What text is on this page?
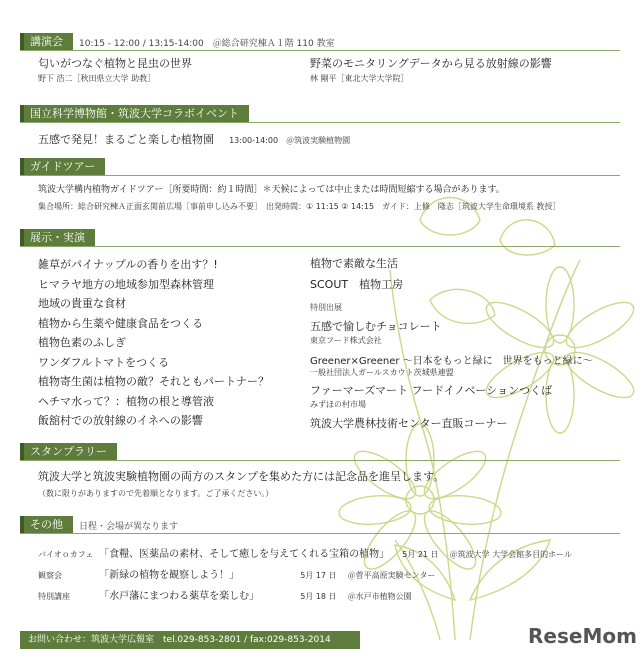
講演会	10:15 - 12:00 / 13:15-14:00　＠総合研究棟Ａ１階 110 教室
匂いがつなぐ植物と昆虫の世界
野下 浩二［秋田県立大学 助教］
野菜のモニタリングデータから見る放射線の影響
林 剛平［東北大学大学院］
国立科学博物館・筑波大学コラボイベント
五感で発見！まるごと楽しむ植物園 13:00-14:00　＠筑波実験植物園
ガイドツアー
筑波大学構内植物ガイドツアー［所要時間：約１時間］＊天候によっては中止または時間短縮する場合があります。
集合場所：総合研究棟Ａ正面玄関前広場［事前申し込み不要］　出発時間：① 11:15 ② 14:15　ガイド：上條　隆志［筑波大学生命環境系 教授］
展示・実演
雑草がパイナップルの香りを出す？!
ヒマラヤ地方の地域参加型森林管理
地域の貴重な食材
植物から生薬や健康食品をつくる
植物色素のふしぎ
ワンダフルトマトをつくる
植物寄生菌は植物の敵？それともパートナー？
ヘチマ水って？：植物の根と導管液
飯舘村での放射線のイネへの影響
植物で素敵な生活
SCOUT　植物工房
特別出展
五感で愉しむチョコレート
東京フード株式会社
Greener×Greener ～日本をもっと緑に　世界をもっと緑に～
一般社団法人ガールスカウト茨城県連盟
ファーマーズマート フードイノベーションつくば
みずほの村市場
筑波大学農林技術センター直販コーナー
スタンプラリー
筑波大学と筑波実験植物園の両方のスタンプを集めた方には記念品を進呈します。
（数に限りがありますので先着順となります。ご了承ください。）
その他	日程・会場が異なります
バイオｏカフェ 「食糧、医薬品の素材、そして癒しを与えてくれる宝箱の植物」 5月 21 日 ＠筑波大学 大学会館多目的ホール
観察会	「新緑の植物を観察しよう！」	5月 17 日 ＠菅平高原実験センター
特別講座	「水戸藩にまつわる薬草を楽しむ」	5月 18 日 ＠水戸市植物公園
お問い合わせ：筑波大学広報室　tel.029-853-2801 / fax:029-853-2014	ReseMom
